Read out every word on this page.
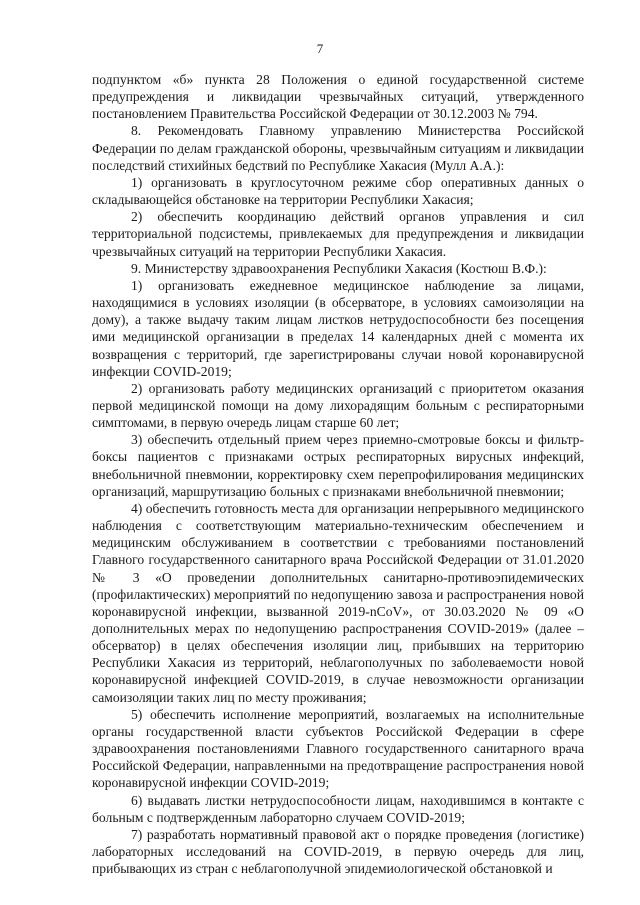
7

подпунктом «б» пункта 28 Положения о единой государственной системе предупреждения и ликвидации чрезвычайных ситуаций, утвержденного постановлением Правительства Российской Федерации от 30.12.2003 № 794.

8. Рекомендовать Главному управлению Министерства Российской Федерации по делам гражданской обороны, чрезвычайным ситуациям и ликвидации последствий стихийных бедствий по Республике Хакасия (Мулл А.А.):

1) организовать в круглосуточном режиме сбор оперативных данных о складывающейся обстановке на территории Республики Хакасия;

2) обеспечить координацию действий органов управления и сил территориальной подсистемы, привлекаемых для предупреждения и ликвидации чрезвычайных ситуаций на территории Республики Хакасия.

9. Министерству здравоохранения Республики Хакасия (Костюш В.Ф.):

1) организовать ежедневное медицинское наблюдение за лицами, находящимися в условиях изоляции (в обсерваторе, в условиях самоизоляции на дому), а также выдачу таким лицам листков нетрудоспособности без посещения ими медицинской организации в пределах 14 календарных дней с момента их возвращения с территорий, где зарегистрированы случаи новой коронавирусной инфекции COVID-2019;

2) организовать работу медицинских организаций с приоритетом оказания первой медицинской помощи на дому лихорадящим больным с респираторными симптомами, в первую очередь лицам старше 60 лет;

3) обеспечить отдельный прием через приемно-смотровые боксы и фильтр-боксы пациентов с признаками острых респираторных вирусных инфекций, внебольничной пневмонии, корректировку схем перепрофилирования медицинских организаций, маршрутизацию больных с признаками внебольничной пневмонии;

4) обеспечить готовность места для организации непрерывного медицинского наблюдения с соответствующим материально-техническим обеспечением и медицинским обслуживанием в соответствии с требованиями постановлений Главного государственного санитарного врача Российской Федерации от 31.01.2020 № 3 «О проведении дополнительных санитарно-противоэпидемических (профилактических) мероприятий по недопущению завоза и распространения новой коронавирусной инфекции, вызванной 2019-nCoV», от 30.03.2020 № 09 «О дополнительных мерах по недопущению распространения COVID-2019» (далее – обсерватор) в целях обеспечения изоляции лиц, прибывших на территорию Республики Хакасия из территорий, неблагополучных по заболеваемости новой коронавирусной инфекцией COVID-2019, в случае невозможности организации самоизоляции таких лиц по месту проживания;

5) обеспечить исполнение мероприятий, возлагаемых на исполнительные органы государственной власти субъектов Российской Федерации в сфере здравоохранения постановлениями Главного государственного санитарного врача Российской Федерации, направленными на предотвращение распространения новой коронавирусной инфекции COVID-2019;

6) выдавать листки нетрудоспособности лицам, находившимся в контакте с больным с подтвержденным лабораторно случаем COVID-2019;

7) разработать нормативный правовой акт о порядке проведения (логистике) лабораторных исследований на COVID-2019, в первую очередь для лиц, прибывающих из стран с неблагополучной эпидемиологической обстановкой и
